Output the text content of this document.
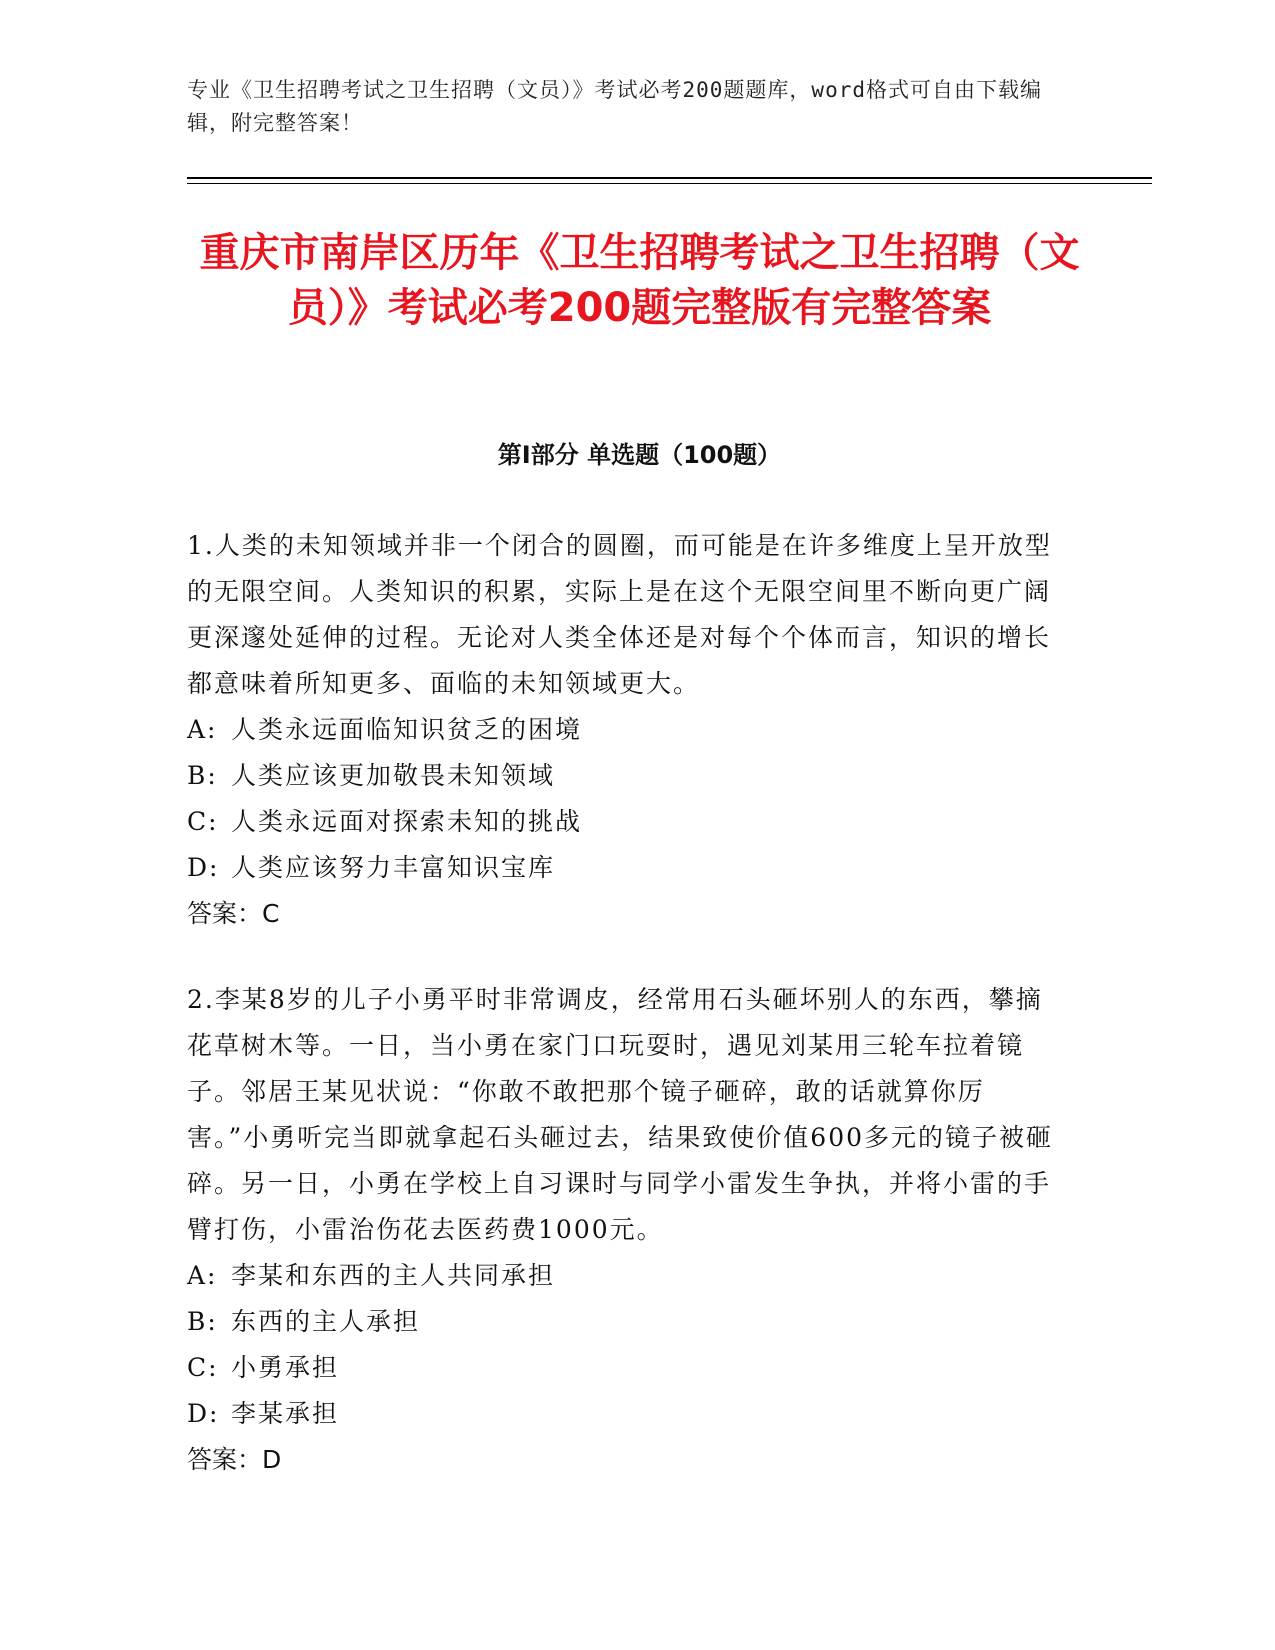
专业《卫生招聘考试之卫生招聘（文员）》考试必考200题题库，word格式可自由下载编辑，附完整答案！
重庆市南岸区历年《卫生招聘考试之卫生招聘（文员）》考试必考200题完整版有完整答案
第I部分 单选题（100题）

1.人类的未知领域并非一个闭合的圆圈，而可能是在许多维度上呈开放型的无限空间。人类知识的积累，实际上是在这个无限空间里不断向更广阔更深邃处延伸的过程。无论对人类全体还是对每个个体而言，知识的增长都意味着所知更多、面临的未知领域更大。

A: 人类永远面临知识贫乏的困境

B: 人类应该更加敬畏未知领域

C: 人类永远面对探索未知的挑战

D: 人类应该努力丰富知识宝库

答案：C

2.李某8岁的儿子小勇平时非常调皮，经常用石头砸坏别人的东西，攀摘花草树木等。一日，当小勇在家门口玩耍时，遇见刘某用三轮车拉着镜子。邻居王某见状说：“你敢不敢把那个镜子砸碎，敢的话就算你厉害。”小勇听完当即就拿起石头砸过去，结果致使价值600多元的镜子被砸碎。另一日，小勇在学校上自习课时与同学小雷发生争执，并将小雷的手臂打伤，小雷治伤花去医药费1000元。

A: 李某和东西的主人共同承担

B: 东西的主人承担

C: 小勇承担

D: 李某承担

答案：D
